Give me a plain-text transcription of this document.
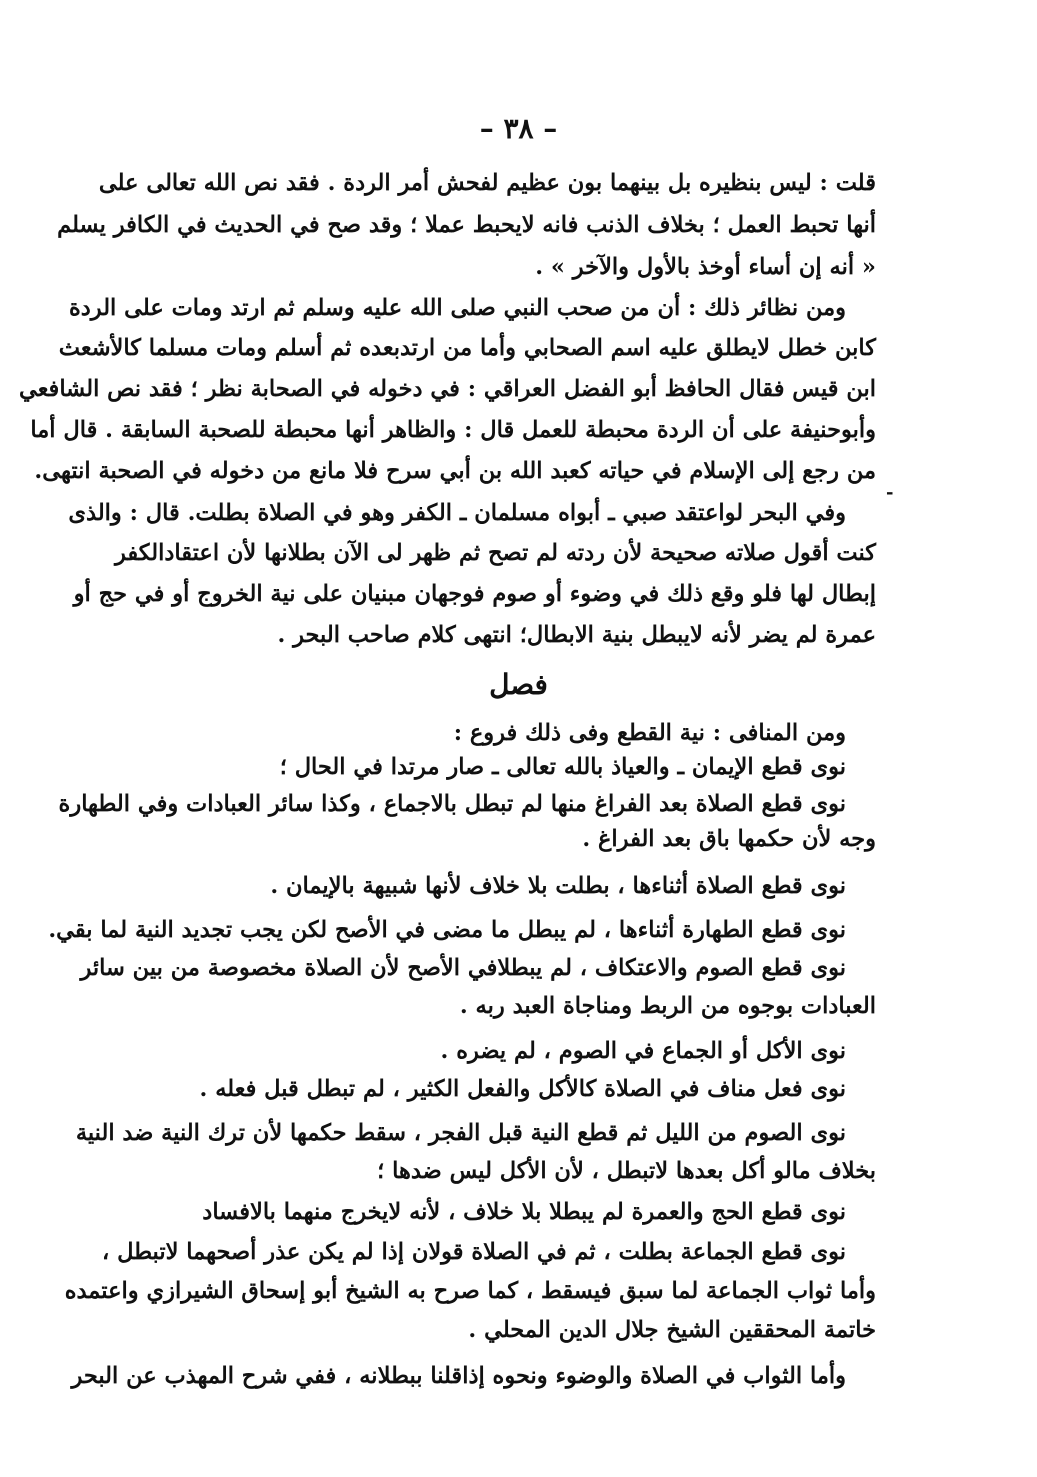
– ٣٨ –
قلت : ليس بنظيره بل بينهما بون عظيم لفحش أمر الردة . فقد نص الله تعالى على
أنها تحبط العمل ؛ بخلاف الذنب فانه لايحبط عملا ؛ وقد صح في الحديث في الكافر يسلم
« أنه إن أساء أوخذ بالأول والآخر » .
ومن نظائر ذلك : أن من صحب النبي صلى الله عليه وسلم ثم ارتد ومات على الردة
كابن خطل لايطلق عليه اسم الصحابي وأما من ارتدبعده ثم أسلم ومات مسلما كالأشعث
ابن قيس فقال الحافظ أبو الفضل العراقي : في دخوله في الصحابة نظر ؛ فقد نص الشافعي
وأبوحنيفة على أن الردة محبطة للعمل قال : والظاهر أنها محبطة للصحبة السابقة . قال أما
من رجع إلى الإسلام في حياته كعبد الله بن أبي سرح فلا مانع من دخوله في الصحبة انتهى.
وفي البحر لواعتقد صبي ـ أبواه مسلمان ـ الكفر وهو في الصلاة بطلت. قال : والذى
كنت أقول صلاته صحيحة لأن ردته لم تصح ثم ظهر لى الآن بطلانها لأن اعتقادالكفر
إبطال لها فلو وقع ذلك في وضوء أو صوم فوجهان مبنيان على نية الخروج أو في حج أو
عمرة لم يضر لأنه لايبطل بنية الابطال؛ انتهى كلام صاحب البحر .
-
فصل
ومن المنافى : نية القطع وفى ذلك فروع :
نوى قطع الإيمان ـ والعياذ بالله تعالى ـ صار مرتدا في الحال ؛
نوى قطع الصلاة بعد الفراغ منها لم تبطل بالاجماع ، وكذا سائر العبادات وفي الطهارة
وجه لأن حكمها باق بعد الفراغ .
نوى قطع الصلاة أثناءها ، بطلت بلا خلاف لأنها شبيهة بالإيمان .
نوى قطع الطهارة أثناءها ، لم يبطل ما مضى في الأصح لكن يجب تجديد النية لما بقي.
نوى قطع الصوم والاعتكاف ، لم يبطلافي الأصح لأن الصلاة مخصوصة من بين سائر
العبادات بوجوه من الربط ومناجاة العبد ربه .
نوى الأكل أو الجماع في الصوم ، لم يضره .
نوى فعل مناف في الصلاة كالأكل والفعل الكثير ، لم تبطل قبل فعله .
نوى الصوم من الليل ثم قطع النية قبل الفجر ، سقط حكمها لأن ترك النية ضد النية
بخلاف مالو أكل بعدها لاتبطل ، لأن الأكل ليس ضدها ؛
نوى قطع الحج والعمرة لم يبطلا بلا خلاف ، لأنه لايخرج منهما بالافساد
نوى قطع الجماعة بطلت ، ثم في الصلاة قولان إذا لم يكن عذر أصحهما لاتبطل ،
وأما ثواب الجماعة لما سبق فيسقط ، كما صرح به الشيخ أبو إسحاق الشيرازي واعتمده
خاتمة المحققين الشيخ جلال الدين المحلي .
وأما الثواب في الصلاة والوضوء ونحوه إذاقلنا ببطلانه ، ففي شرح المهذب عن البحر
